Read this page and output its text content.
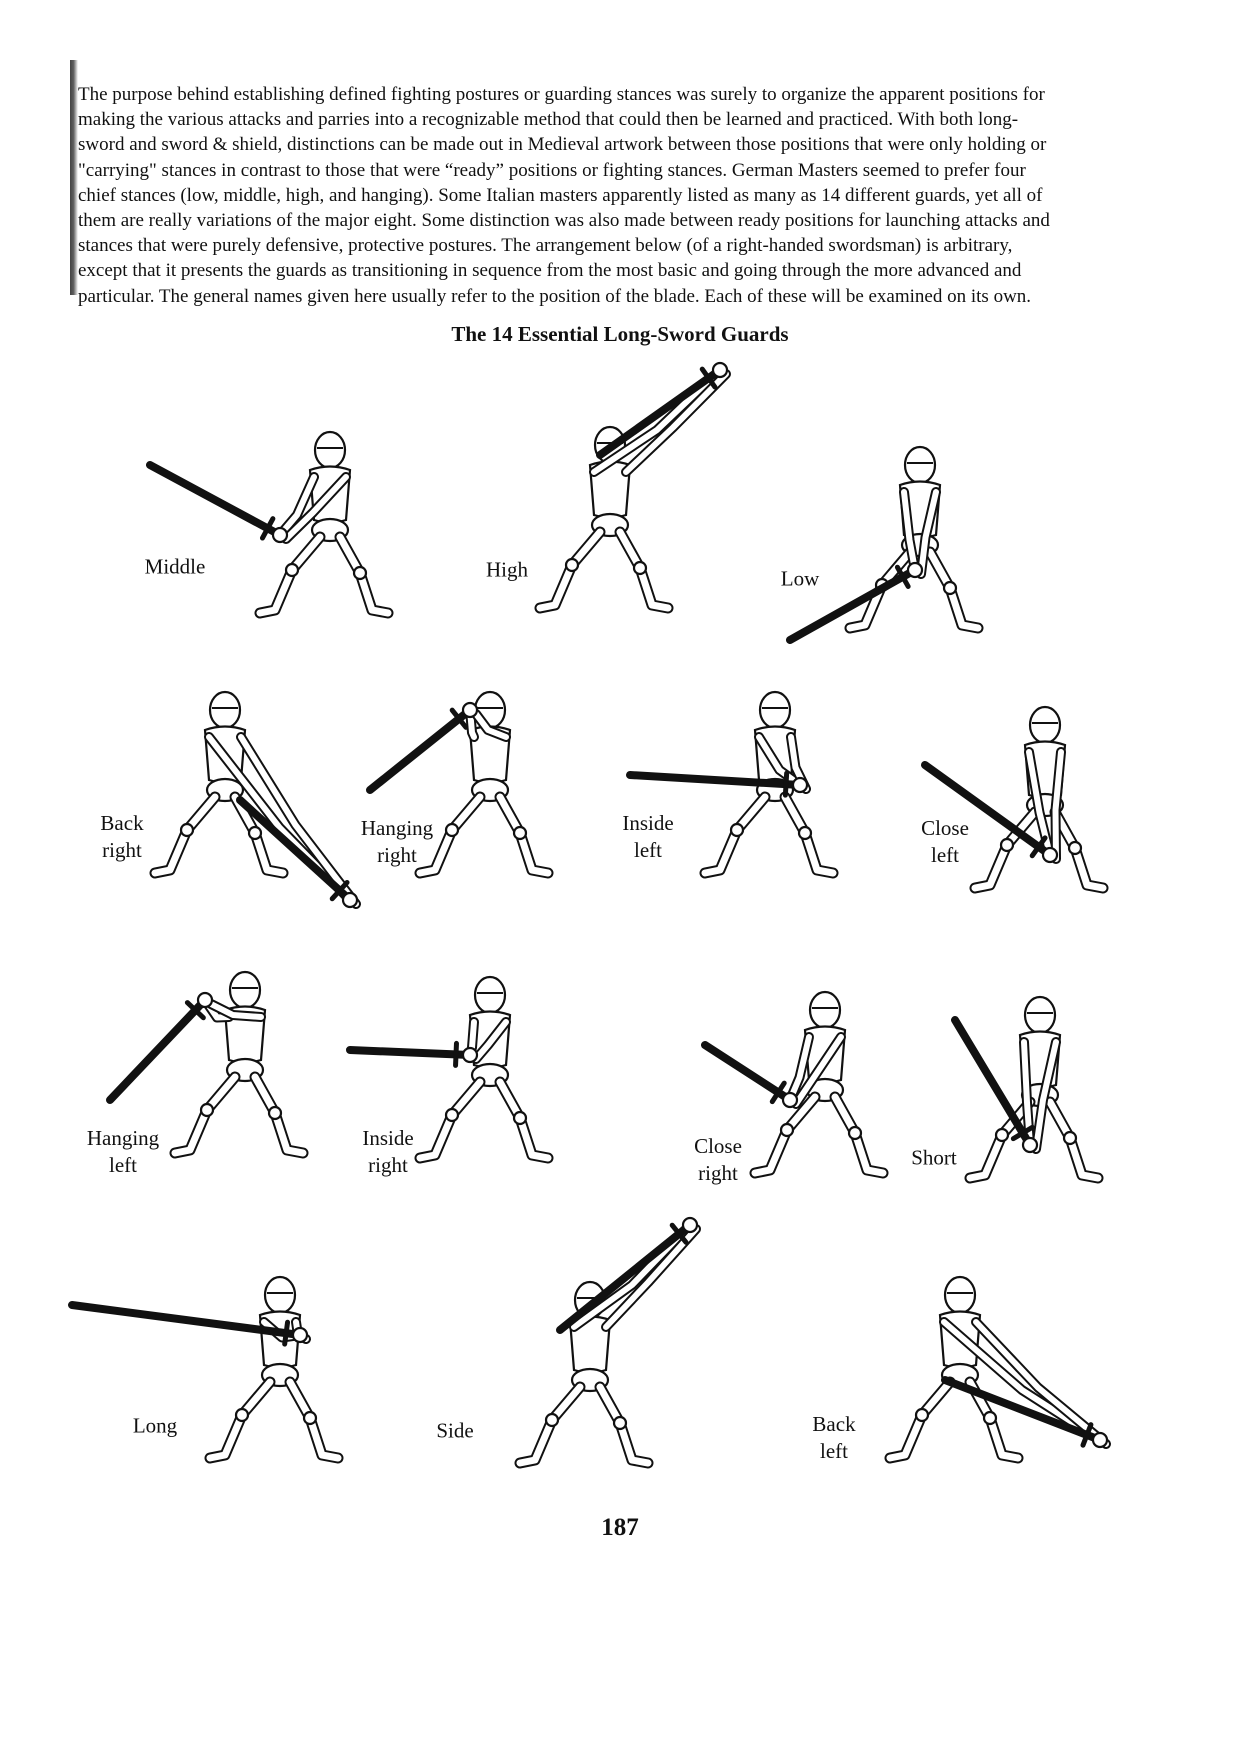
The purpose behind establishing defined fighting postures or guarding stances was surely to organize the apparent positions for
making the various attacks and parries into a recognizable method that could then be learned and practiced. With both long-
sword and sword & shield, distinctions can be made out in Medieval artwork between those positions that were only holding or
"carrying" stances in contrast to those that were “ready” positions or fighting stances. German Masters seemed to prefer four
chief stances (low, middle, high, and hanging). Some Italian masters apparently listed as many as 14 different guards, yet all of
them are really variations of the major eight. Some distinction was also made between ready positions for launching attacks and
stances that were purely defensive, protective postures. The arrangement below (of a right-handed swordsman) is arbitrary,
except that it presents the guards as transitioning in sequence from the most basic and going through the more advanced and
particular. The general names given here usually refer to the position of the blade. Each of these will be examined on its own.

The 14 Essential Long-Sword Guards
Middle	High	Low
Back
right
Hanging
right
Inside
left
Close
left
Hanging
left
Inside
right
Close
right
Short
Long	Side	Back
left
187
